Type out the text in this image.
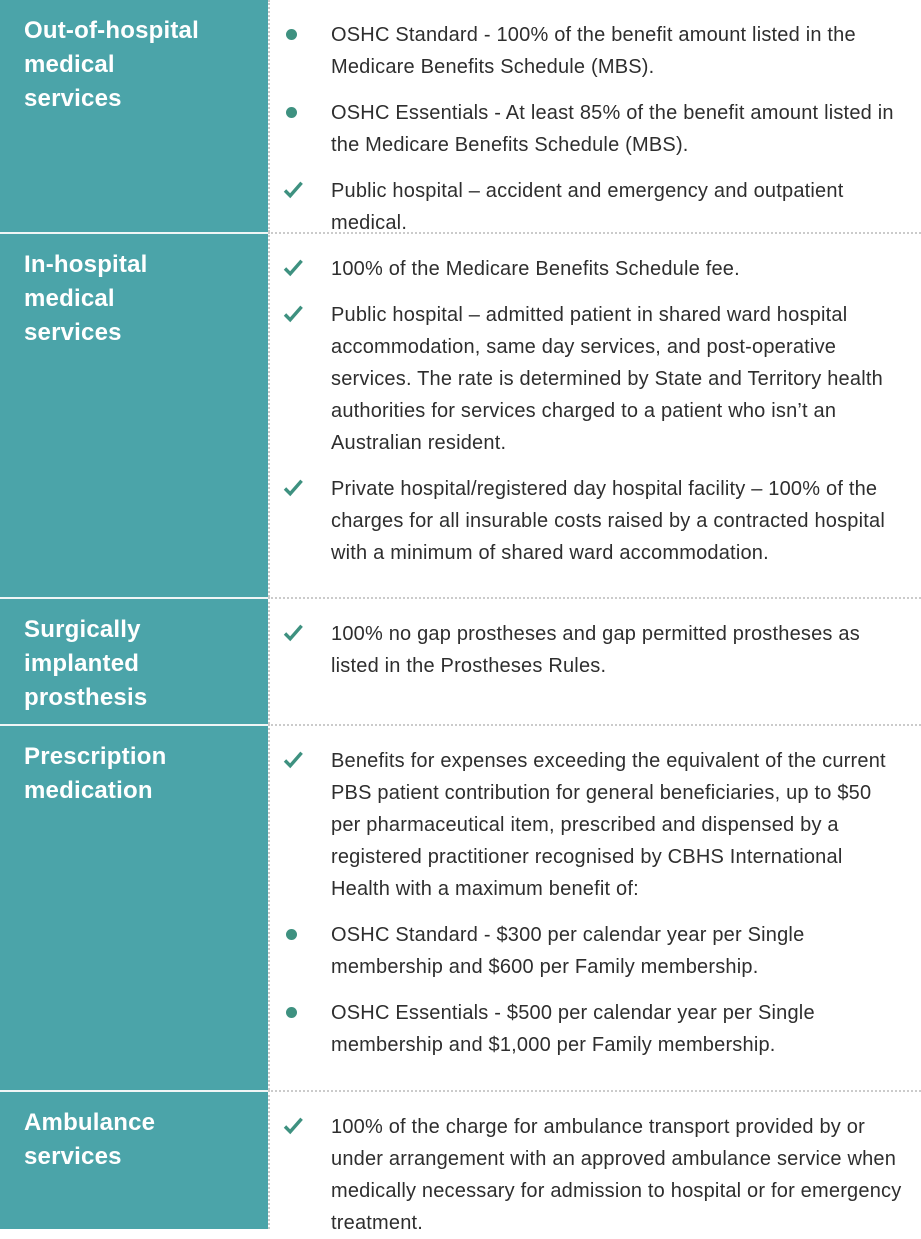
Out-of-hospital medical services

OSHC Standard - 100% of the benefit amount listed in the Medicare Benefits Schedule (MBS).

OSHC Essentials - At least 85% of the benefit amount listed in the Medicare Benefits Schedule (MBS).

Public hospital – accident and emergency and outpatient medical.

In-hospital medical services

100% of the Medicare Benefits Schedule fee.

Public hospital – admitted patient in shared ward hospital accommodation, same day services, and post-operative services. The rate is determined by State and Territory health authorities for services charged to a patient who isn’t an Australian resident.

Private hospital/registered day hospital facility – 100% of the charges for all insurable costs raised by a contracted hospital with a minimum of shared ward accommodation.

Surgically implanted prosthesis

100% no gap prostheses and gap permitted prostheses as listed in the Prostheses Rules.

Prescription medication

Benefits for expenses exceeding the equivalent of the current PBS patient contribution for general beneficiaries, up to $50 per pharmaceutical item, prescribed and dispensed by a registered practitioner recognised by CBHS International Health with a maximum benefit of:

OSHC Standard - $300 per calendar year per Single membership and $600 per Family membership.

OSHC Essentials - $500 per calendar year per Single membership and $1,000 per Family membership.

Ambulance services

100% of the charge for ambulance transport provided by or under arrangement with an approved ambulance service when medically necessary for admission to hospital or for emergency treatment.
